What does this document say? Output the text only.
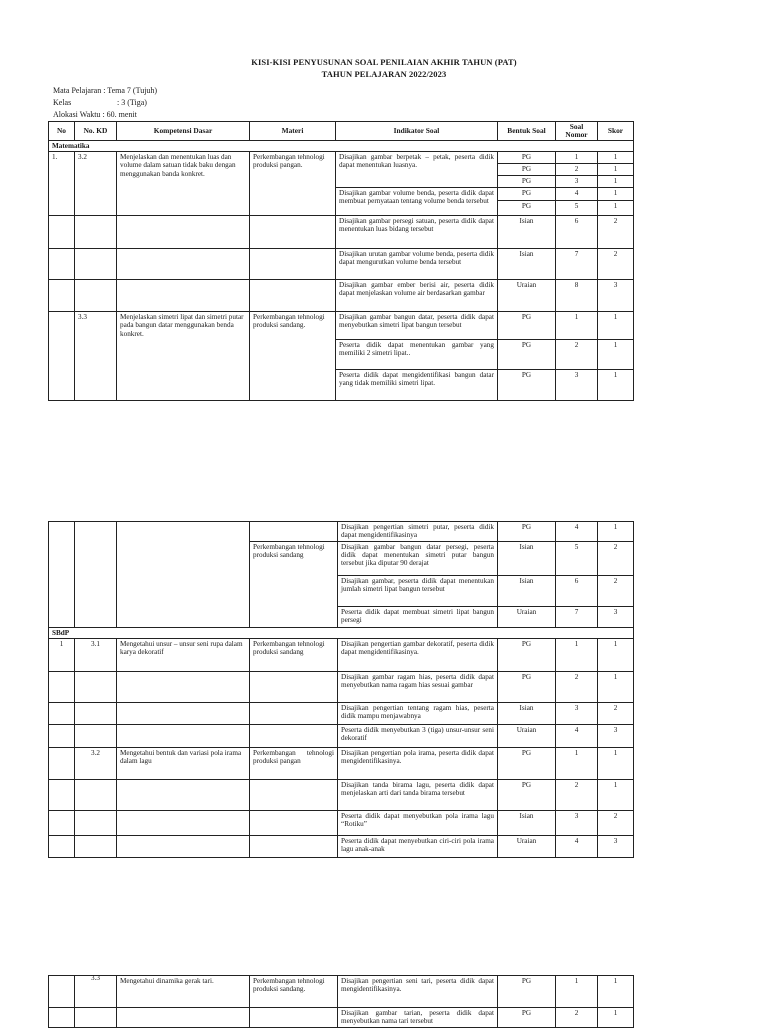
KISI-KISI PENYUSUNAN SOAL PENILAIAN AKHIR TAHUN (PAT)
TAHUN PELAJARAN 2022/2023
Mata Pelajaran : Tema 7 (Tujuh)
Kelas	: 3 (Tiga)
Alokasi Waktu : 60. menit
No	No. KD	Kompetensi Dasar	Materi	Indikator Soal	Bentuk Soal	Soal Nomor	Skor
Matematika							
1.	3.2	Menjelaskan dan menentukan luas dan volume dalam satuan tidak baku dengan menggunakan banda konkret.	Perkembangan tehnologi produksi pangan.	Disajikan gambar berpetak – petak, peserta didik dapat menentukan luasnya.	PG	1	1
					PG	2	1
					PG	3	1
				Disajikan gambar volume benda, peserta didik dapat membuat pernyataan tentang volume benda tersebut	PG	4	1
					PG	5	1
				Disajikan gambar persegi satuan, peserta didik dapat menentukan luas bidang tersebut	Isian	6	2
				Disajikan urutan gambar volume benda, peserta didik dapat mengurutkan volume benda tersebut	Isian	7	2
				Disajikan gambar ember berisi air, peserta didik dapat menjelaskan volume air berdasarkan gambar	Uraian	8	3
	3.3	Menjelaskan simetri lipat dan simetri putar pada bangun datar menggunakan benda konkret.	Perkembangan tehnologi produksi sandang.	Disajikan gambar bangun datar, peserta didik dapat menyebutkan simetri lipat bangun tersebut	PG	1	1
				Peserta didik dapat menentukan gambar yang memiliki 2 simetri lipat..	PG	2	1
				Peserta didik dapat mengidentifikasi bangun datar yang tidak memiliki simetri lipat.	PG	3	1
				Disajikan pengertian simetri putar, peserta didik dapat mengidentifikasinya	PG	4	1
			Perkembangan tehnologi produksi sandang	Disajikan gambar bangun datar persegi, peserta didik dapat menentukan simetri putar bangun tersebut jika diputar 90 derajat	Isian	5	2
				Disajikan gambar, peserta didik dapat menentukan jumlah simetri lipat bangun tersebut	Isian	6	2
				Peserta didik dapat membuat simetri lipat bangun persegi	Uraian	7	3
SBdP							
1	3.1	Mengetahui unsur – unsur seni rupa dalam karya dekoratif	Perkembangan tehnologi produksi sandang	Disajikan pengertian gambar dekoratif, peserta didik dapat mengidentifikasinya.	PG	1	1
				Disajikan gambar ragam hias, peserta didik dapat menyebutkan nama ragam hias sesuai gambar	PG	2	1
				Disajikan pengertian tentang ragam hias, peserta didik mampu menjawabnya	Isian	3	2
				Peserta didik menyebutkan 3 (tiga) unsur-unsur seni dekoratif	Uraian	4	3
	3.2	Mengetahui bentuk dan variasi pola irama dalam lagu	Perkembangan tehnologi produksi pangan	Disajikan pengertian pola irama, peserta didik dapat mengidentifikasinya.	PG	1	1
				Disajikan tanda birama lagu, peserta didik dapat menjelaskan arti dari tanda birama tersebut	PG	2	1
				Peserta didik dapat menyebutkan pola irama lagu “Rotiku”	Isian	3	2
				Peserta didik dapat menyebutkan ciri-ciri pola irama lagu anak-anak	Uraian	4	3
	3.3	Mengetahui dinamika gerak tari.	Perkembangan tehnologi produksi sandang.	Disajikan pengertian seni tari, peserta didik dapat mengidentifikasinya.	PG	1	1
				Disajikan gambar tarian, peserta didik dapat menyebutkan nama tari tersebut	PG	2	1
